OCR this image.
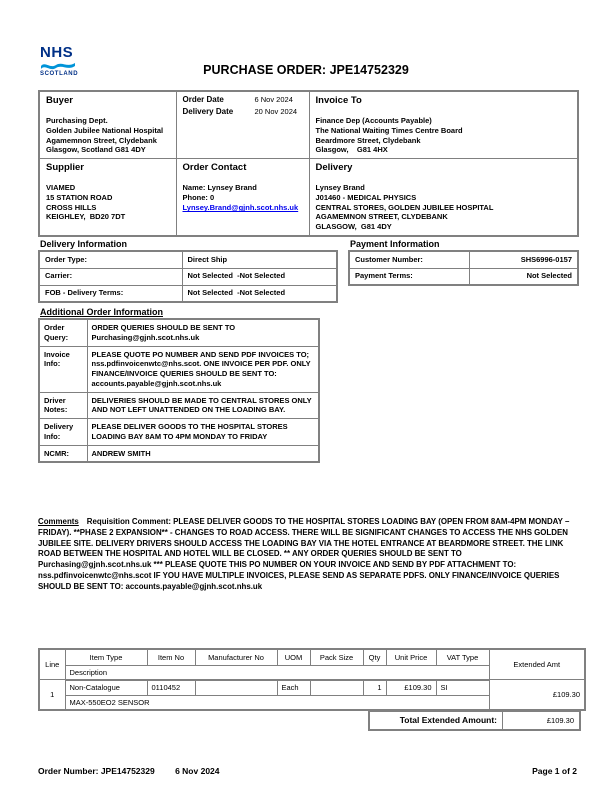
NHS
SCOTLAND	PURCHASE ORDER: JPE14752329
Buyer
Purchasing Dept.
Golden Jubilee National Hospital
Agamemnon Street, Clydebank
Glasgow, Scotland G81 4DY

Order Date	6 Nov 2024
Delivery Date	20 Nov 2024

Invoice To
Finance Dep (Accounts Payable)
The National Waiting Times Centre Board
Beardmore Street, Clydebank
Glasgow,    G81 4HX

Supplier
VIAMED
15 STATION ROAD
CROSS HILLS
KEIGHLEY,  BD20 7DT

Order Contact
Name: Lynsey Brand
Phone: 0
Lynsey.Brand@gjnh.scot.nhs.uk	
Delivery
Lynsey Brand
J01460 - MEDICAL PHYSICS
CENTRAL STORES, GOLDEN JUBILEE HOSPITAL
AGAMEMNON STREET, CLYDEBANK
GLASGOW,  G81 4DY
Delivery Information
Order Type:	Direct Ship
Carrier:	Not Selected  -Not Selected
FOB - Delivery Terms:	Not Selected  -Not Selected
Payment Information
Customer Number:	SHS6996-0157
Payment Terms:	Not Selected
Additional Order Information
Order Query:	ORDER QUERIES SHOULD BE SENT TO Purchasing@gjnh.scot.nhs.uk
Invoice Info:	PLEASE QUOTE PO NUMBER AND SEND PDF INVOICES TO; nss.pdfinvoicenwtc@nhs.scot. ONE INVOICE PER PDF. ONLY FINANCE/INVOICE QUERIES SHOULD BE SENT TO: accounts.payable@gjnh.scot.nhs.uk
Driver Notes:	DELIVERIES SHOULD BE MADE TO CENTRAL STORES ONLY AND NOT LEFT UNATTENDED ON THE LOADING BAY.
Delivery Info:	PLEASE DELIVER GOODS TO THE HOSPITAL STORES LOADING BAY 8AM TO 4PM MONDAY TO FRIDAY
NCMR:	ANDREW SMITH
Comments Requisition Comment: PLEASE DELIVER GOODS TO THE HOSPITAL STORES LOADING BAY (OPEN FROM 8AM-4PM MONDAY – FRIDAY). **PHASE 2 EXPANSION** - CHANGES TO ROAD ACCESS. THERE WILL BE SIGNIFICANT CHANGES TO ACCESS THE NHS GOLDEN JUBILEE SITE. DELIVERY DRIVERS SHOULD ACCESS THE LOADING BAY VIA THE HOTEL ENTRANCE AT BEARDMORE STREET. THE LINK ROAD BETWEEN THE HOSPITAL AND HOTEL WILL BE CLOSED. ** ANY ORDER QUERIES SHOULD BE SENT TO Purchasing@gjnh.scot.nhs.uk *** PLEASE QUOTE THIS PO NUMBER ON YOUR INVOICE AND SEND BY PDF ATTACHMENT TO: nss.pdfinvoicenwtc@nhs.scot IF YOU HAVE MULTIPLE INVOICES, PLEASE SEND AS SEPARATE PDFS. ONLY FINANCE/INVOICE QUERIES SHOULD BE SENT TO: accounts.payable@gjnh.scot.nhs.uk
Line	Item Type	Item No	Manufacturer No	UOM	Pack Size	Qty	Unit Price	VAT Type	Extended Amt
	Description								
1	Non-Catalogue	0110452		Each		1	£109.30	SI	£109.30
	MAX-550EO2 SENSOR								
Total Extended Amount:	£109.30
Order Number: JPE14752329 6 Nov 2024	Page 1 of 2
